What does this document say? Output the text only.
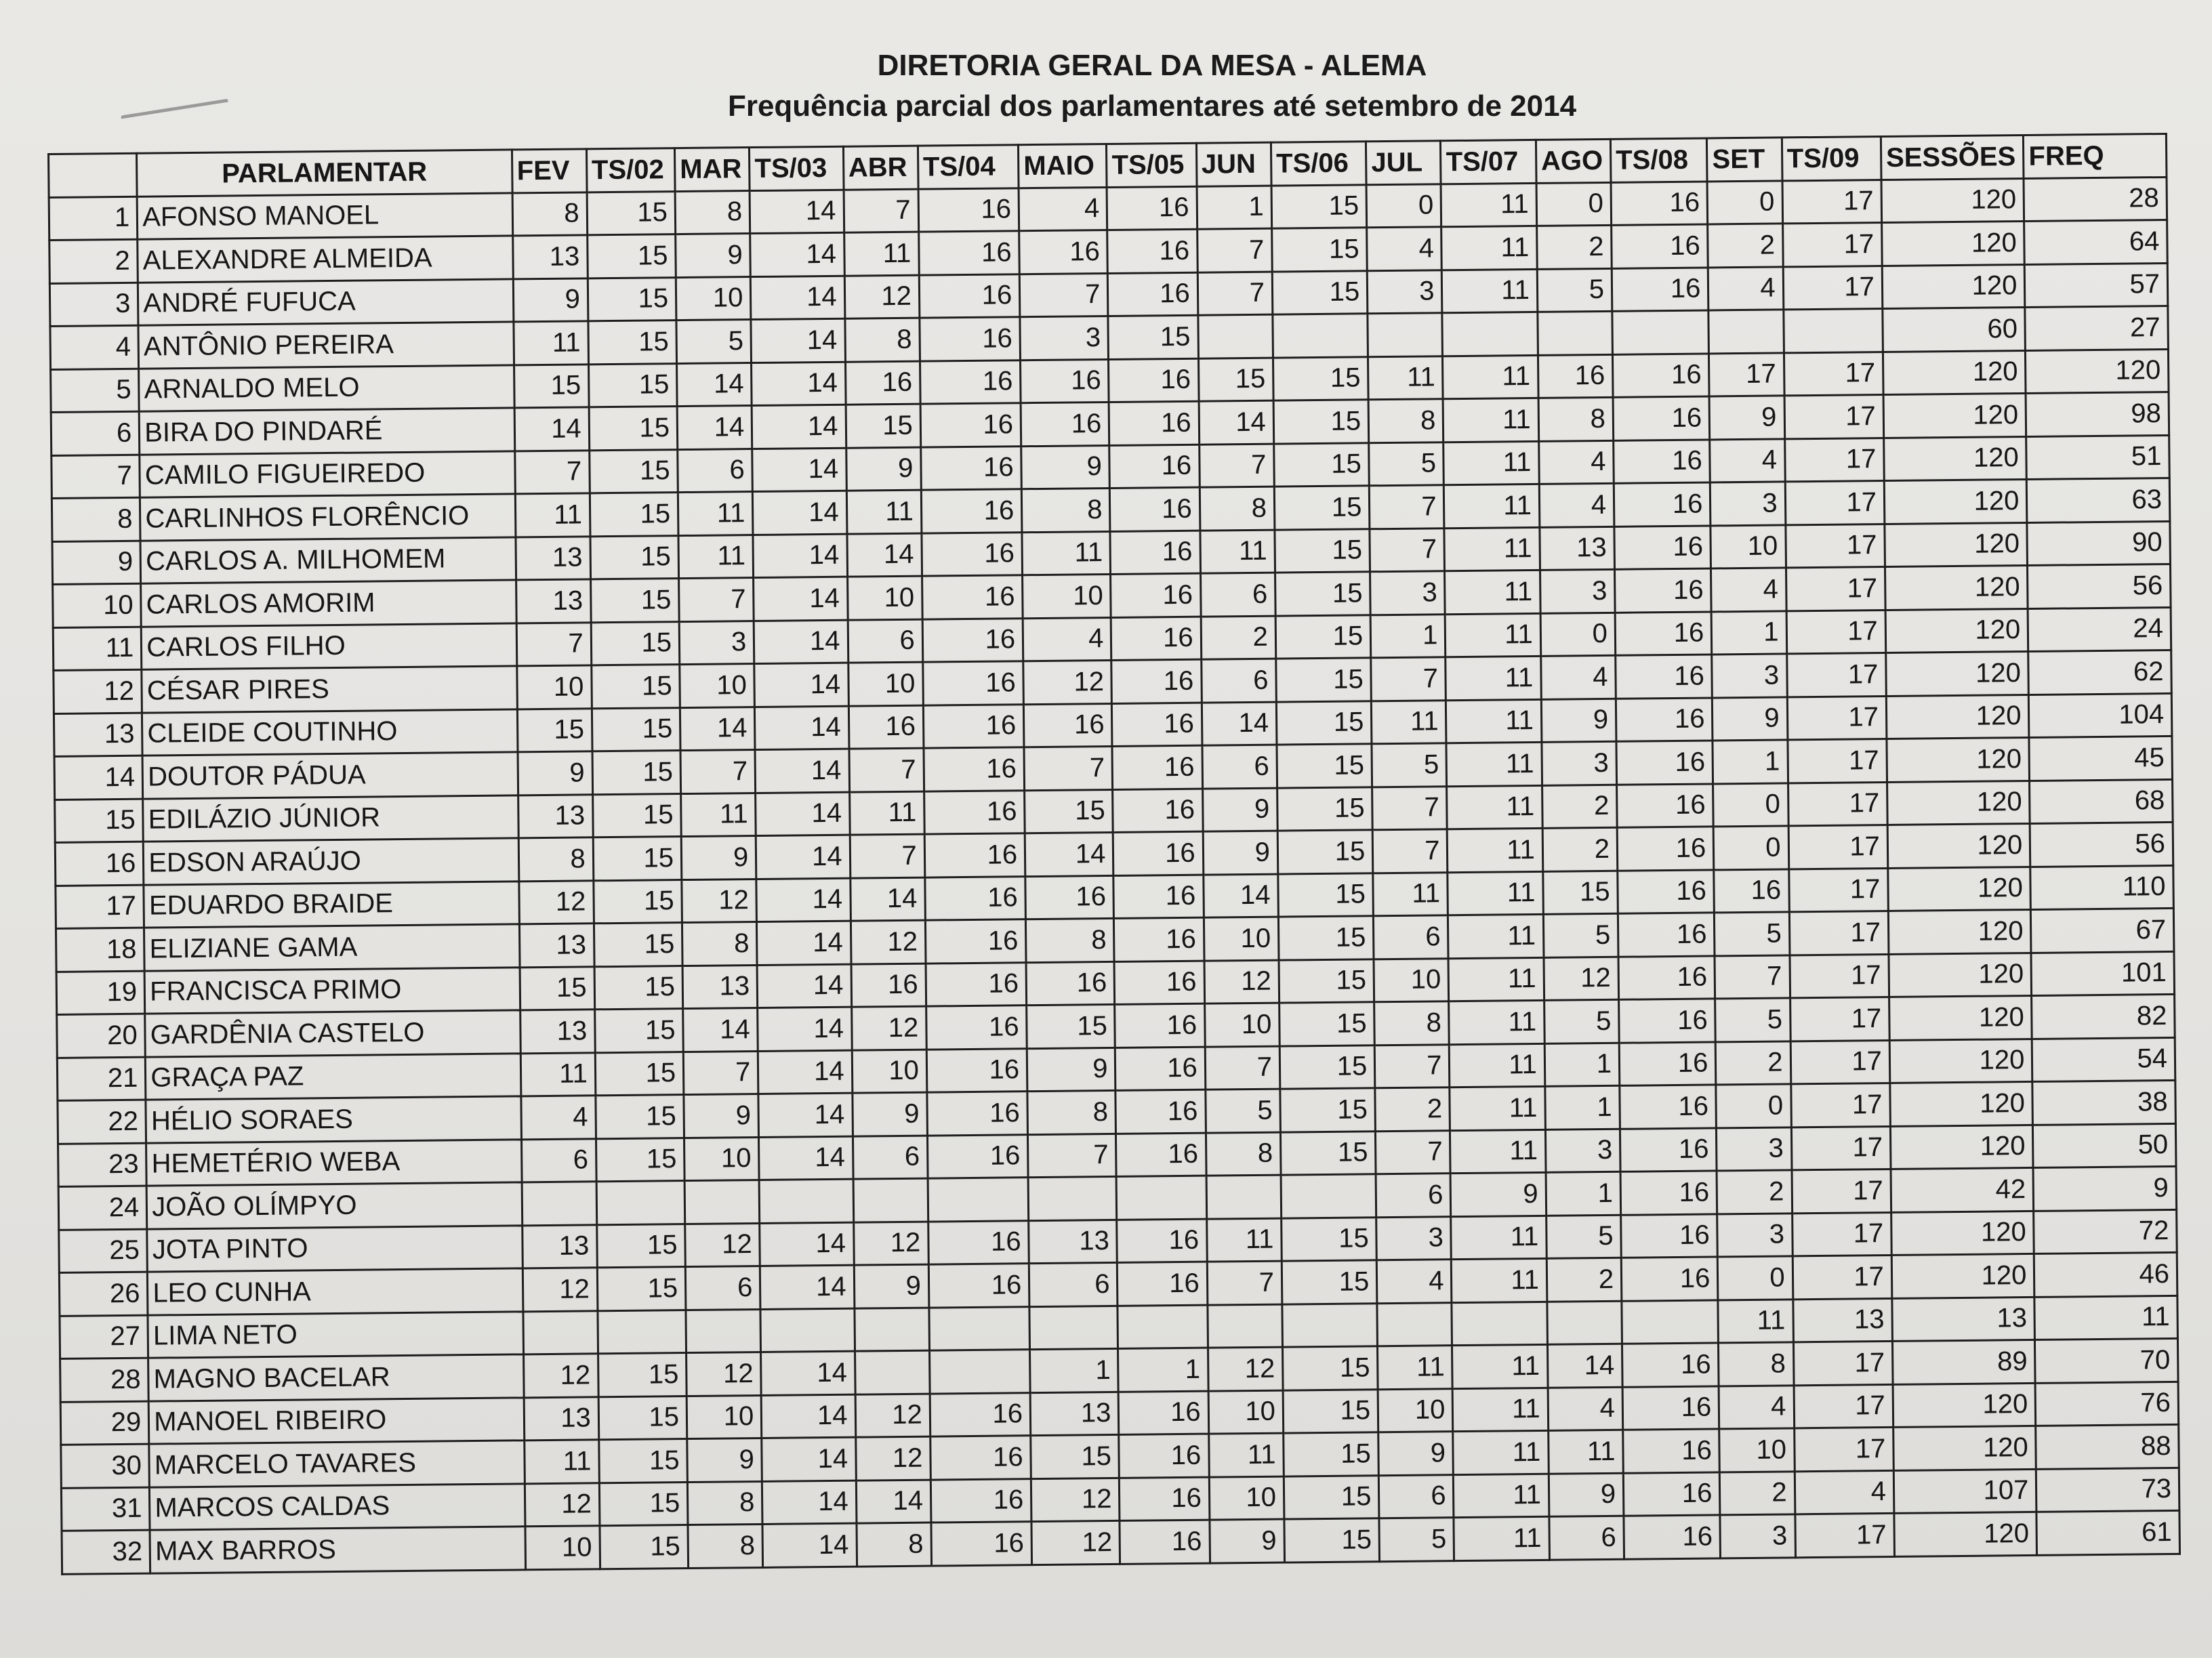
DIRETORIA GERAL DA MESA - ALEMA
Frequência parcial dos parlamentares até setembro de 2014
	PARLAMENTAR	FEV	TS/02	MAR	TS/03	ABR	TS/04	MAIO	TS/05	JUN	TS/06	JUL	TS/07	AGO	TS/08	SET	TS/09	SESSÕES	FREQ
1	AFONSO MANOEL	8	15	8	14	7	16	4	16	1	15	0	11	0	16	0	17	120	28
2	ALEXANDRE ALMEIDA	13	15	9	14	11	16	16	16	7	15	4	11	2	16	2	17	120	64
3	ANDRÉ FUFUCA	9	15	10	14	12	16	7	16	7	15	3	11	5	16	4	17	120	57
4	ANTÔNIO PEREIRA	11	15	5	14	8	16	3	15									60	27
5	ARNALDO MELO	15	15	14	14	16	16	16	16	15	15	11	11	16	16	17	17	120	120
6	BIRA DO PINDARÉ	14	15	14	14	15	16	16	16	14	15	8	11	8	16	9	17	120	98
7	CAMILO FIGUEIREDO	7	15	6	14	9	16	9	16	7	15	5	11	4	16	4	17	120	51
8	CARLINHOS FLORÊNCIO	11	15	11	14	11	16	8	16	8	15	7	11	4	16	3	17	120	63
9	CARLOS A. MILHOMEM	13	15	11	14	14	16	11	16	11	15	7	11	13	16	10	17	120	90
10	CARLOS AMORIM	13	15	7	14	10	16	10	16	6	15	3	11	3	16	4	17	120	56
11	CARLOS FILHO	7	15	3	14	6	16	4	16	2	15	1	11	0	16	1	17	120	24
12	CÉSAR PIRES	10	15	10	14	10	16	12	16	6	15	7	11	4	16	3	17	120	62
13	CLEIDE COUTINHO	15	15	14	14	16	16	16	16	14	15	11	11	9	16	9	17	120	104
14	DOUTOR PÁDUA	9	15	7	14	7	16	7	16	6	15	5	11	3	16	1	17	120	45
15	EDILÁZIO JÚNIOR	13	15	11	14	11	16	15	16	9	15	7	11	2	16	0	17	120	68
16	EDSON ARAÚJO	8	15	9	14	7	16	14	16	9	15	7	11	2	16	0	17	120	56
17	EDUARDO BRAIDE	12	15	12	14	14	16	16	16	14	15	11	11	15	16	16	17	120	110
18	ELIZIANE GAMA	13	15	8	14	12	16	8	16	10	15	6	11	5	16	5	17	120	67
19	FRANCISCA PRIMO	15	15	13	14	16	16	16	16	12	15	10	11	12	16	7	17	120	101
20	GARDÊNIA CASTELO	13	15	14	14	12	16	15	16	10	15	8	11	5	16	5	17	120	82
21	GRAÇA PAZ	11	15	7	14	10	16	9	16	7	15	7	11	1	16	2	17	120	54
22	HÉLIO SORAES	4	15	9	14	9	16	8	16	5	15	2	11	1	16	0	17	120	38
23	HEMETÉRIO WEBA	6	15	10	14	6	16	7	16	8	15	7	11	3	16	3	17	120	50
24	JOÃO OLÍMPYO											6	9	1	16	2	17	42	9
25	JOTA PINTO	13	15	12	14	12	16	13	16	11	15	3	11	5	16	3	17	120	72
26	LEO CUNHA	12	15	6	14	9	16	6	16	7	15	4	11	2	16	0	17	120	46
27	LIMA NETO															11	13	13	11
28	MAGNO BACELAR	12	15	12	14			1	1	12	15	11	11	14	16	8	17	89	70
29	MANOEL RIBEIRO	13	15	10	14	12	16	13	16	10	15	10	11	4	16	4	17	120	76
30	MARCELO TAVARES	11	15	9	14	12	16	15	16	11	15	9	11	11	16	10	17	120	88
31	MARCOS CALDAS	12	15	8	14	14	16	12	16	10	15	6	11	9	16	2	4	107	73
32	MAX BARROS	10	15	8	14	8	16	12	16	9	15	5	11	6	16	3	17	120	61
